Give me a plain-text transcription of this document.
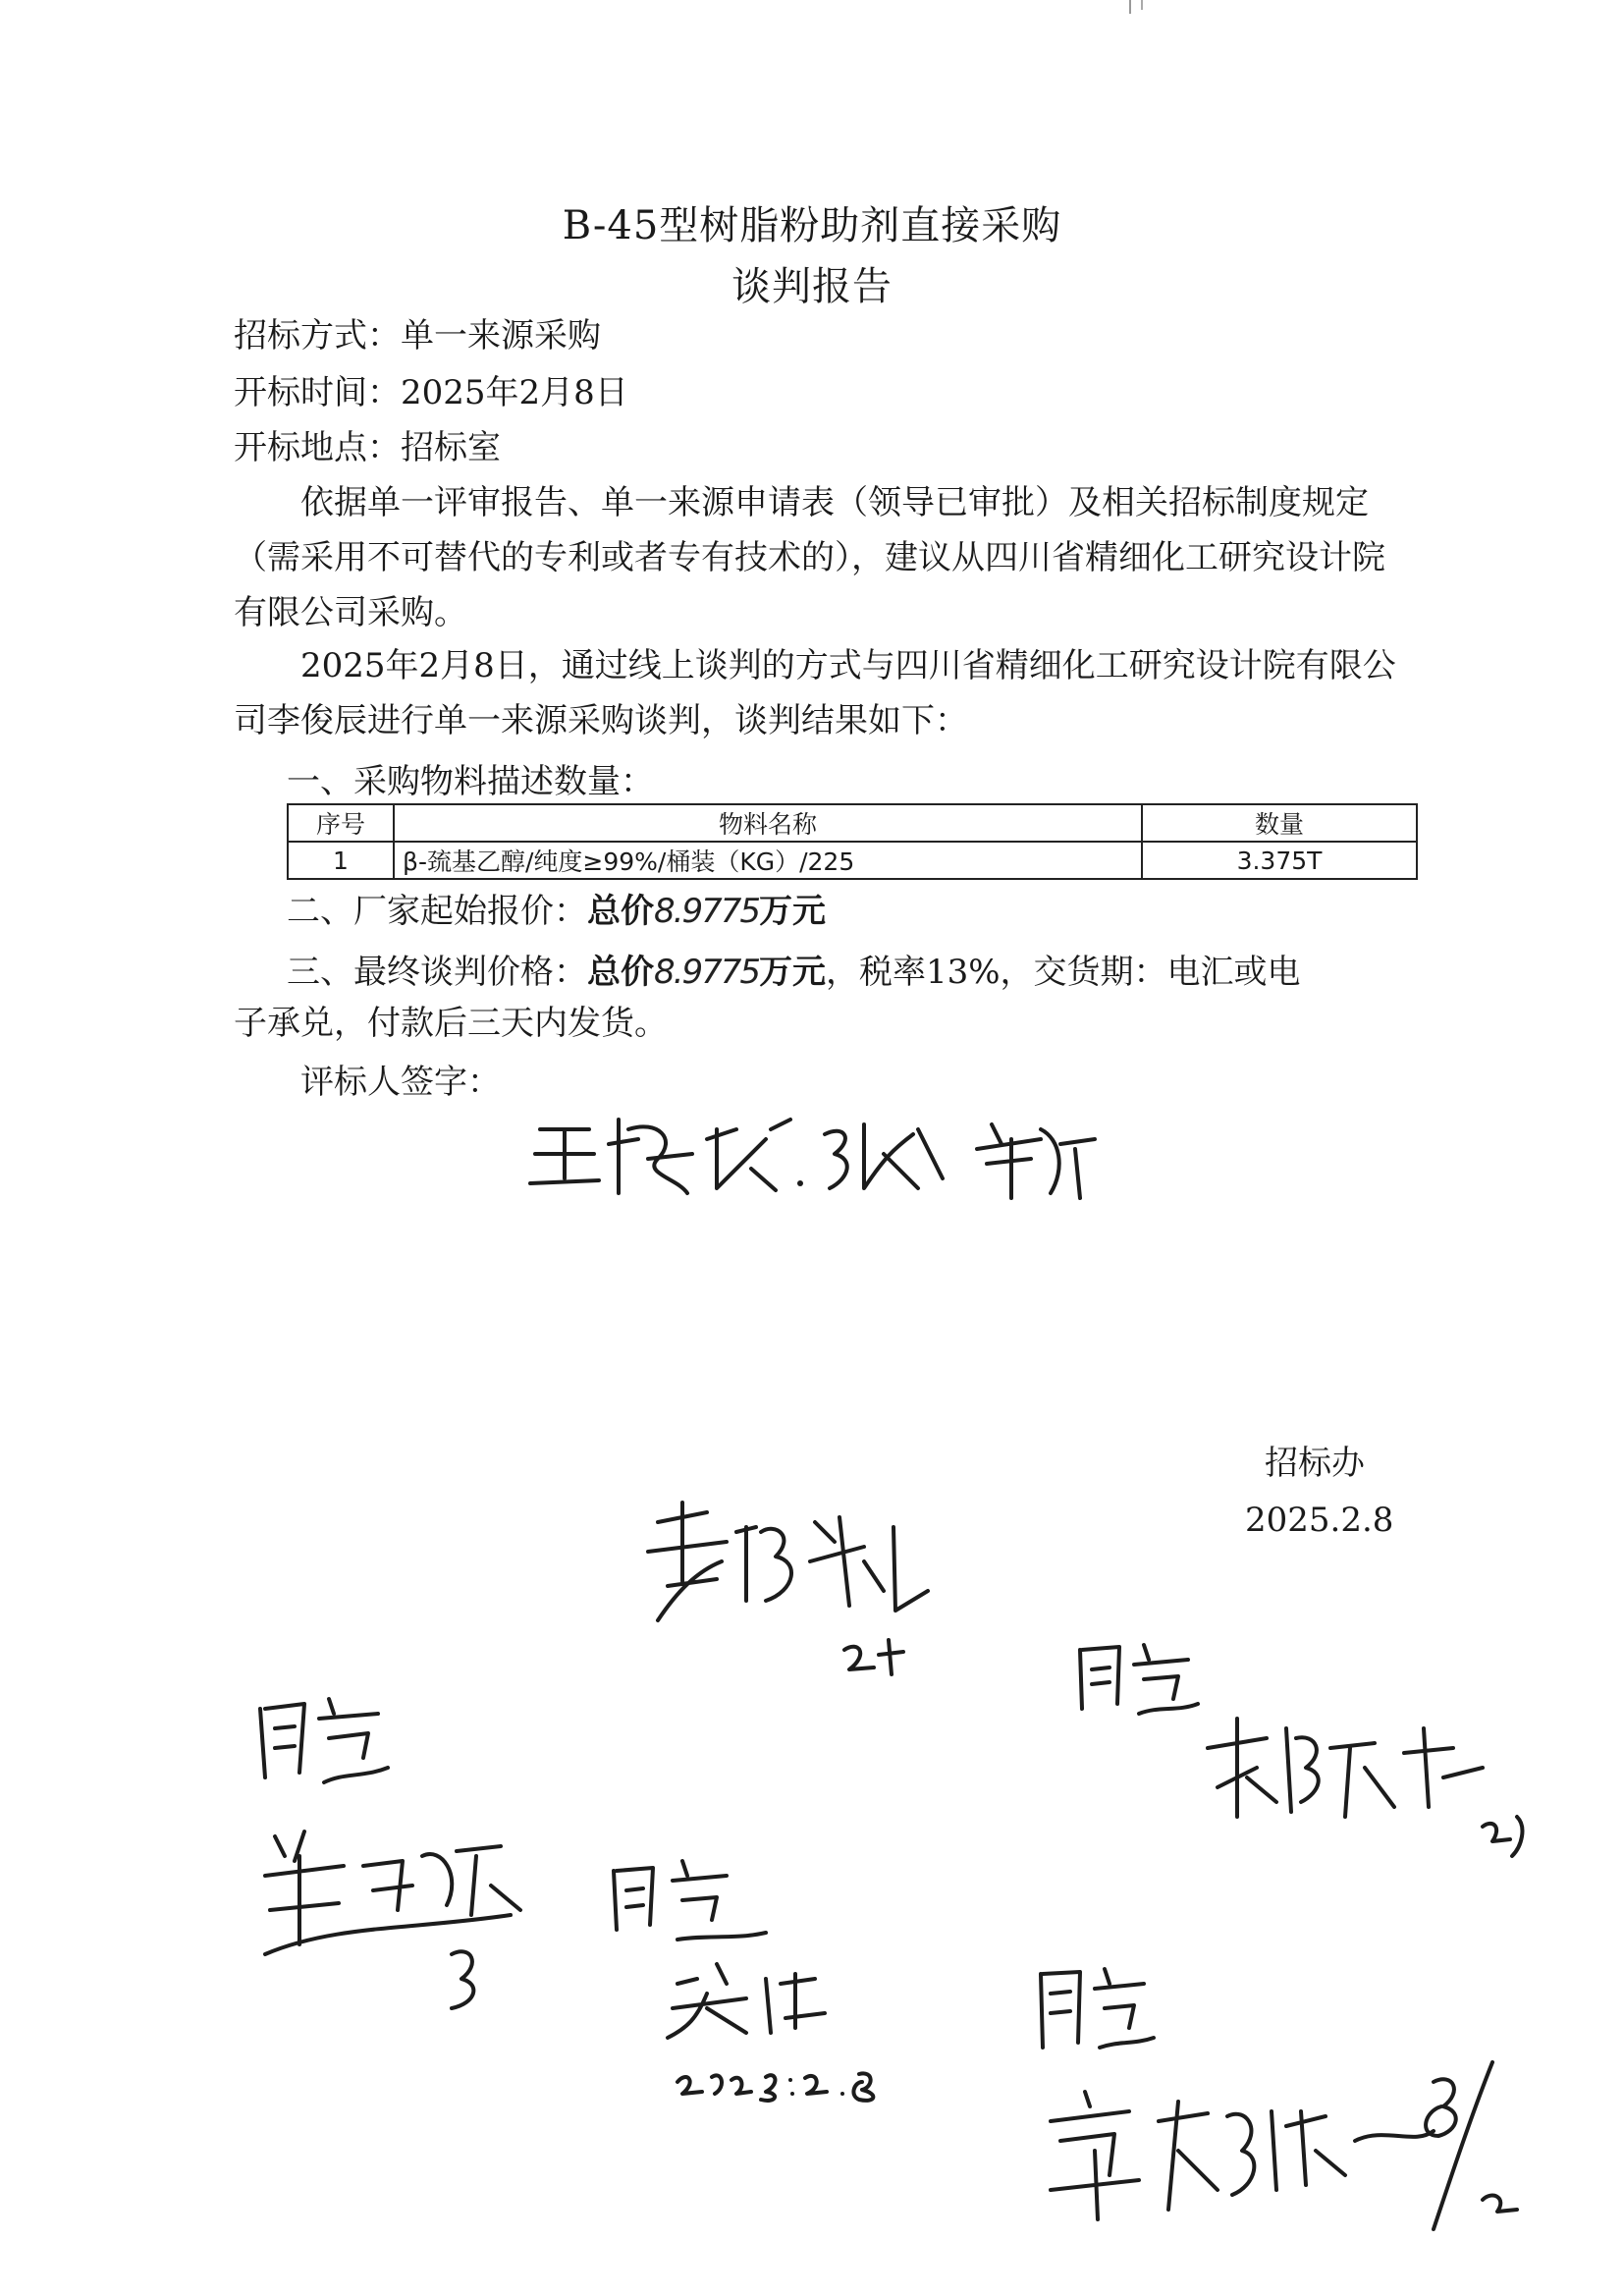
B-45型树脂粉助剂直接采购
谈判报告
招标方式：单一来源采购
开标时间：2025年2月8日
开标地点：招标室
依据单一评审报告、单一来源申请表（领导已审批）及相关招标制度规定（需采用不可替代的专利或者专有技术的），建议从四川省精细化工研究设计院有限公司采购。
2025年2月8日，通过线上谈判的方式与四川省精细化工研究设计院有限公司李俊辰进行单一来源采购谈判，谈判结果如下：
一、采购物料描述数量：
序号	物料名称	数量
1	β-巯基乙醇/纯度≥99%/桶装（KG）/225	3.375T
二、厂家起始报价：总价8.9775万元
三、最终谈判价格：总价8.9775万元，税率13%，交货期：电汇或电
子承兑，付款后三天内发货。
评标人签字：
招标办
2025.2.8
